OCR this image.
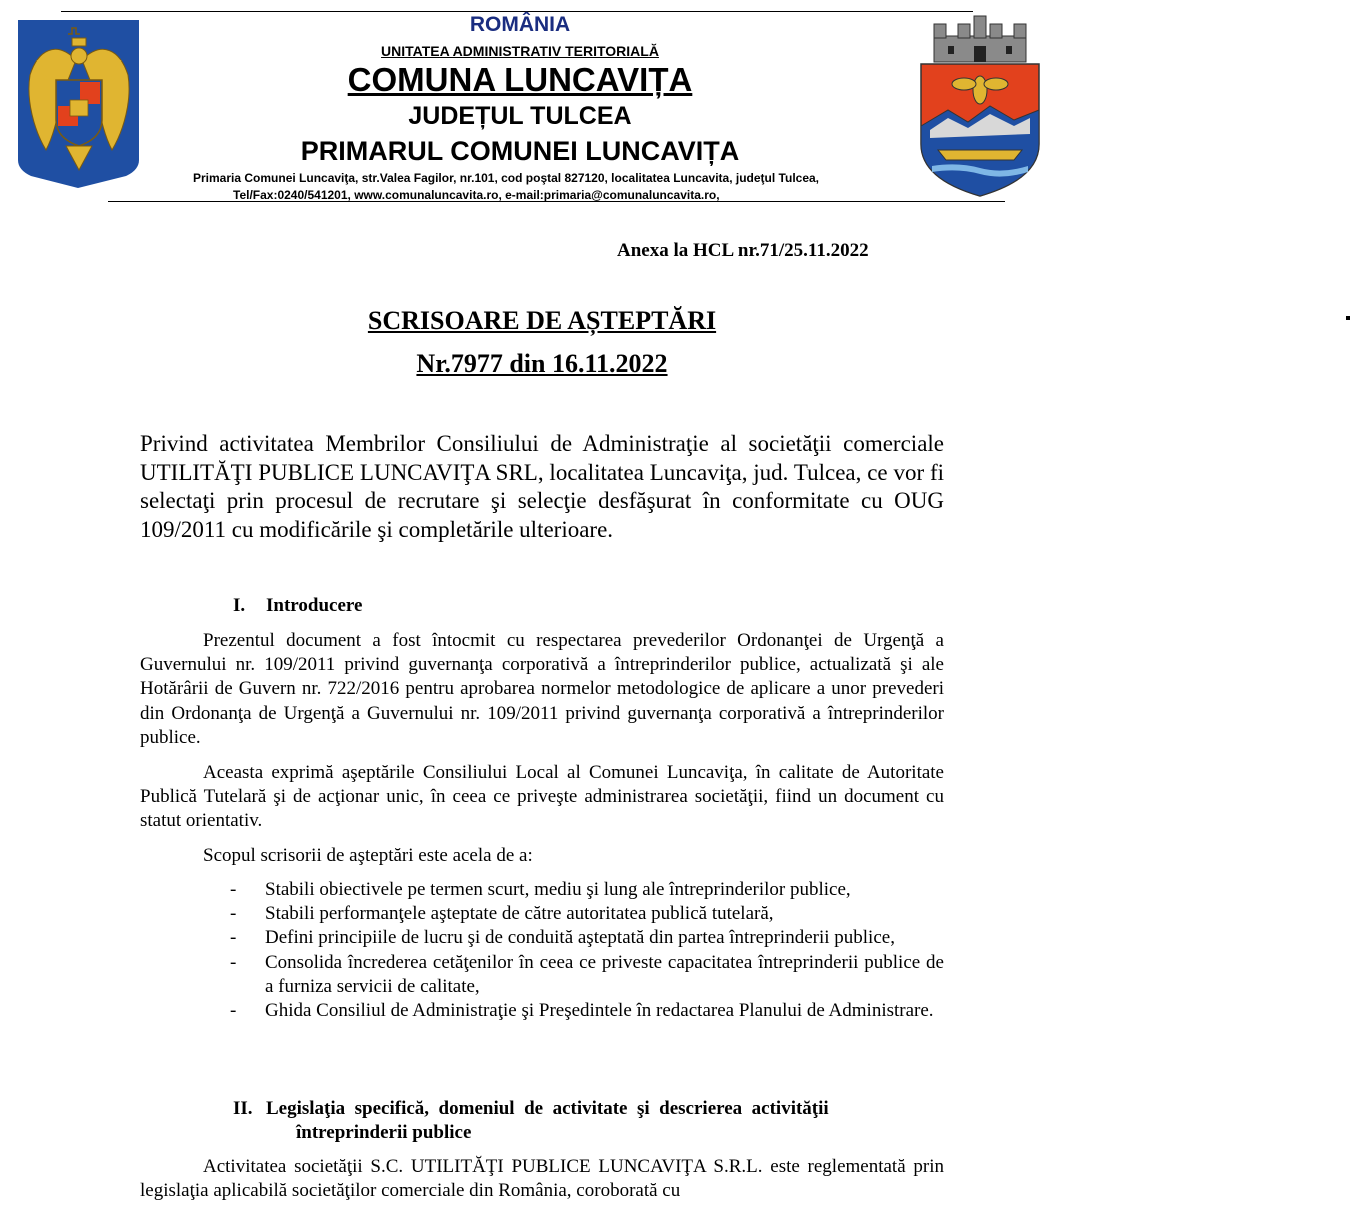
ROMÂNIA
UNITATEA ADMINISTRATIV TERITORIALĂ
COMUNA LUNCAVIȚA
JUDEȚUL TULCEA
PRIMARUL COMUNEI LUNCAVIȚA
Primaria Comunei Luncaviţa, str.Valea Fagilor, nr.101, cod poştal 827120, localitatea Luncavita, judeţul Tulcea,
Tel/Fax:0240/541201, www.comunaluncavita.ro, e-mail:primaria@comunaluncavita.ro,
Anexa la HCL nr.71/25.11.2022
SCRISOARE DE AȘTEPTĂRI
Nr.7977 din 16.11.2022

Privind activitatea Membrilor Consiliului de Administraţie al societăţii comerciale UTILITĂŢI PUBLICE LUNCAVIŢA SRL, localitatea Luncaviţa, jud. Tulcea, ce vor fi selectaţi prin procesul de recrutare şi selecţie desfăşurat în conformitate cu OUG 109/2011 cu modificările şi completările ulterioare.

I. Introducere

Prezentul document a fost întocmit cu respectarea prevederilor Ordonanţei de Urgenţă a Guvernului nr. 109/2011 privind guvernanţa corporativă a întreprinderilor publice, actualizată şi ale Hotărârii de Guvern nr. 722/2016 pentru aprobarea normelor metodologice de aplicare a unor prevederi din Ordonanţa de Urgenţă a Guvernului nr. 109/2011 privind guvernanţa corporativă a întreprinderilor publice.

Aceasta exprimă aşeptările Consiliului Local al Comunei Luncaviţa, în calitate de Autoritate Publică Tutelară şi de acţionar unic, în ceea ce priveşte administrarea societăţii, fiind un document cu statut orientativ.

Scopul scrisorii de aşteptări este acela de a:
- Stabili obiectivele pe termen scurt, mediu şi lung ale întreprinderilor publice,
- Stabili performanţele aşteptate de către autoritatea publică tutelară,
- Defini principiile de lucru şi de conduită aşteptată din partea întreprinderii publice,
- Consolida încrederea cetăţenilor în ceea ce priveste capacitatea întreprinderii publice de a furniza servicii de calitate,
- Ghida Consiliul de Administraţie şi Preşedintele în redactarea Planului de Administrare.
II. Legislaţia  specifică,  domeniul  de  activitate  şi  descrierea  activităţii
întreprinderii publice

Activitatea societăţii S.C. UTILITĂŢI PUBLICE LUNCAVIŢA S.R.L. este reglementată prin legislaţia aplicabilă societăţilor comerciale din România, coroborată cu
